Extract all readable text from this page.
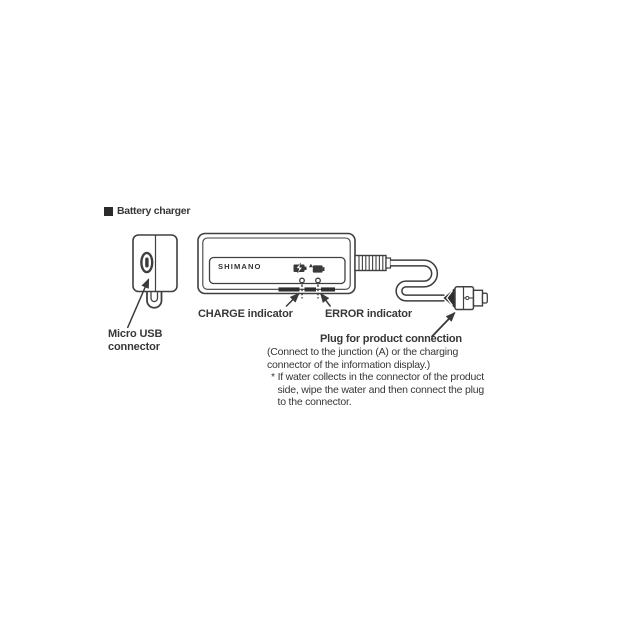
Battery charger
SHIMANO
Micro USB
connector
CHARGE indicator	ERROR indicator
Plug for product connection
(Connect to the junction (A) or the charging
connector of the information display.)
* If water collects in the connector of the product
side, wipe the water and then connect the plug
to the connector.
